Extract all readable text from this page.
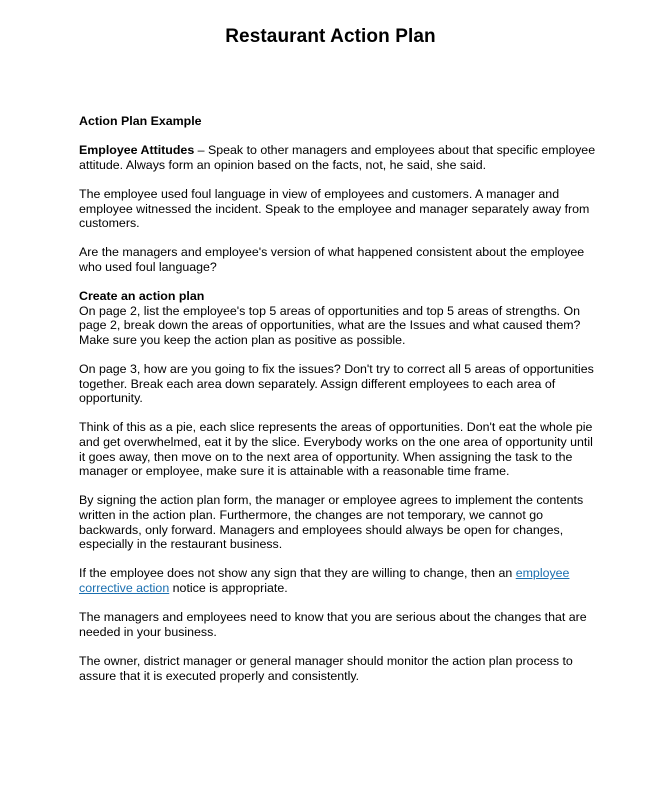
Restaurant Action Plan

Action Plan Example

Employee Attitudes – Speak to other managers and employees about that specific employee attitude. Always form an opinion based on the facts, not, he said, she said.

The employee used foul language in view of employees and customers. A manager and employee witnessed the incident. Speak to the employee and manager separately away from customers.

Are the managers and employee's version of what happened consistent about the employee who used foul language?

Create an action plan

On page 2, list the employee's top 5 areas of opportunities and top 5 areas of strengths. On page 2, break down the areas of opportunities, what are the Issues and what caused them? Make sure you keep the action plan as positive as possible.

On page 3, how are you going to fix the issues? Don't try to correct all 5 areas of opportunities together. Break each area down separately. Assign different employees to each area of opportunity.

Think of this as a pie, each slice represents the areas of opportunities. Don't eat the whole pie and get overwhelmed, eat it by the slice. Everybody works on the one area of opportunity until it goes away, then move on to the next area of opportunity. When assigning the task to the manager or employee, make sure it is attainable with a reasonable time frame.

By signing the action plan form, the manager or employee agrees to implement the contents written in the action plan. Furthermore, the changes are not temporary, we cannot go backwards, only forward. Managers and employees should always be open for changes, especially in the restaurant business.

If the employee does not show any sign that they are willing to change, then an employee corrective action notice is appropriate.

The managers and employees need to know that you are serious about the changes that are needed in your business.

The owner, district manager or general manager should monitor the action plan process to assure that it is executed properly and consistently.
